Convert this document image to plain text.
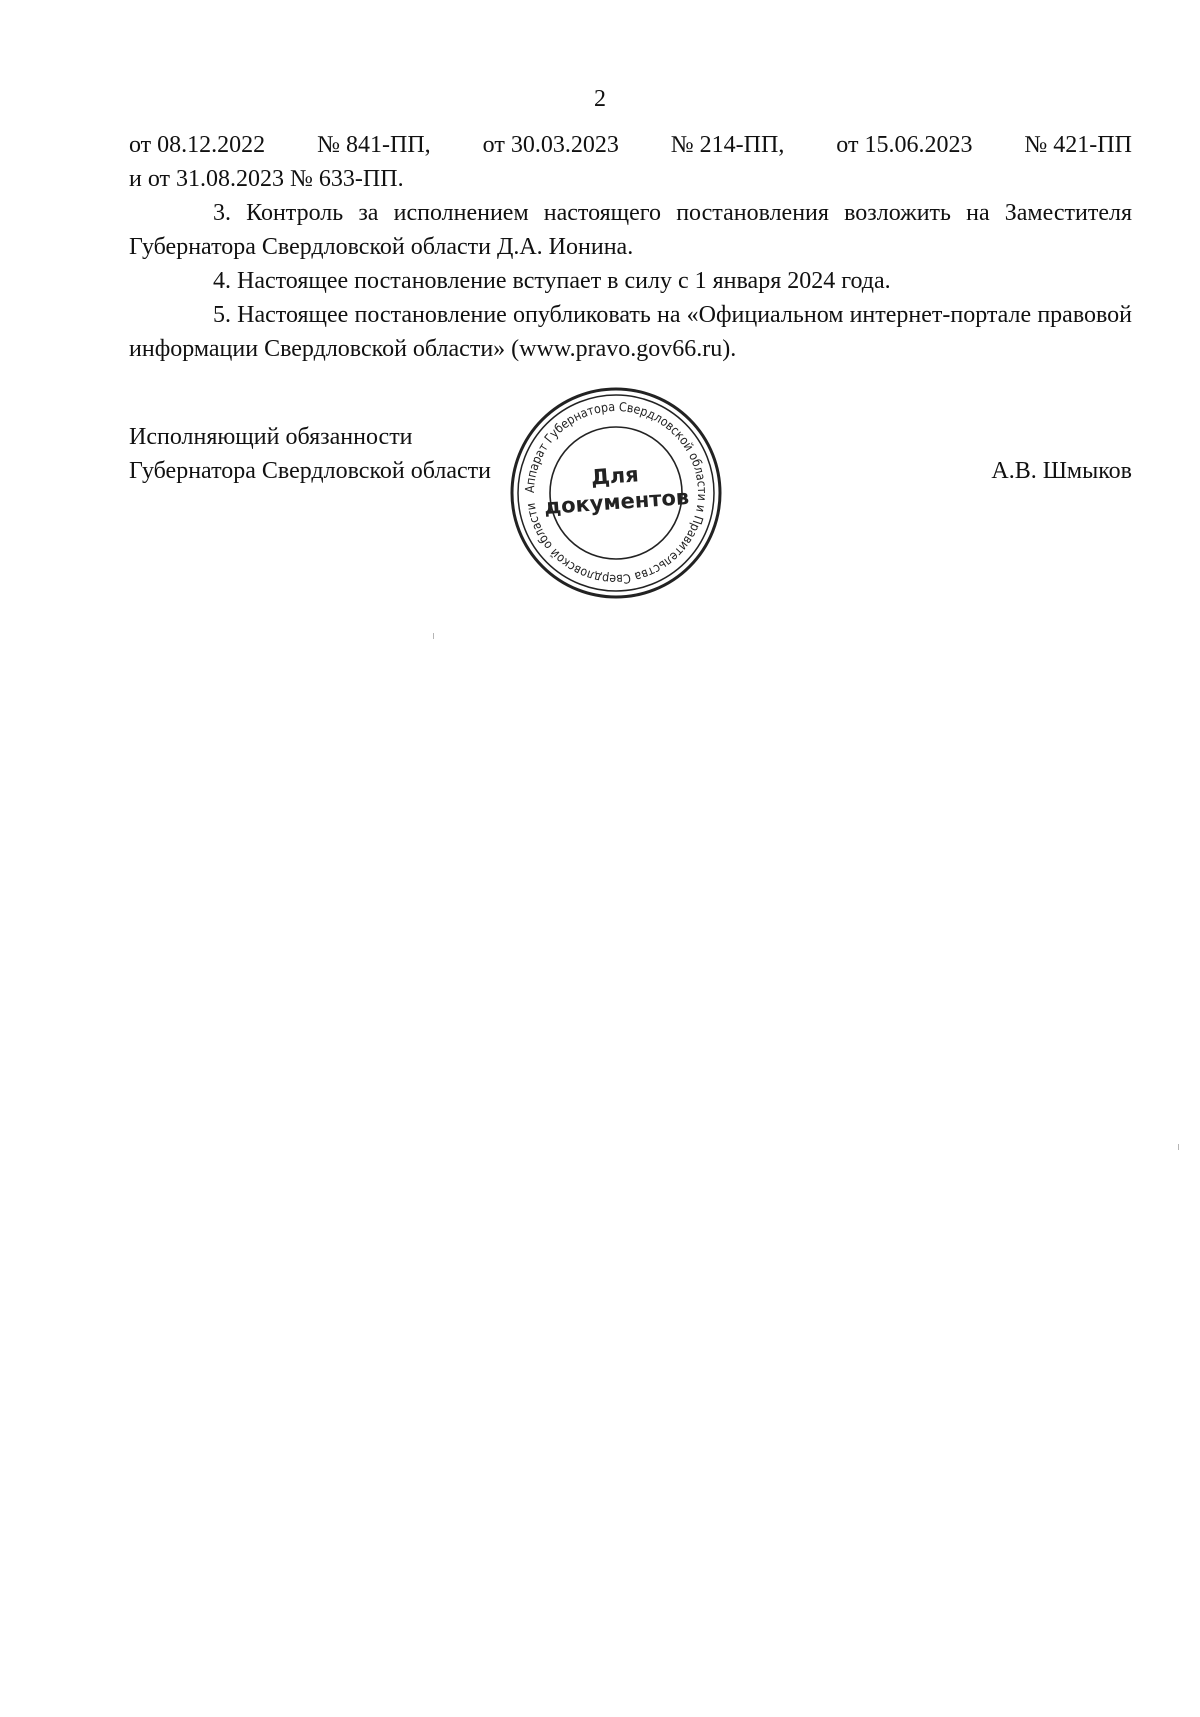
2
от 08.12.2022 № 841-ПП, от 30.03.2023 № 214-ПП, от 15.06.2023 № 421-ПП

и от 31.08.2023 № 633-ПП.

3. Контроль за исполнением настоящего постановления возложить на Заместителя Губернатора Свердловской области Д.А. Ионина.

4. Настоящее постановление вступает в силу с 1 января 2024 года.

5. Настоящее постановление опубликовать на «Официальном интернет-портале правовой информации Свердловской области» (www.pravo.gov66.ru).

Аппарат Губернатора Свердловской области и Правительства Свердловской области
Для
документов
Исполняющий обязанности
Губернатора Свердловской области	А.В. Шмыков
